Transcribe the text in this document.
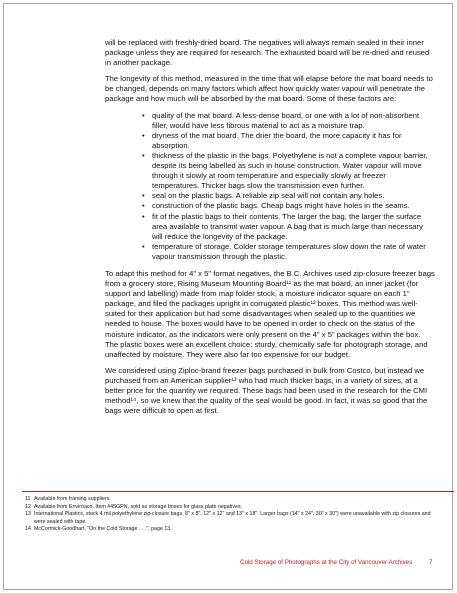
will be replaced with freshly-dried board. The negatives will always remain sealed in their inner package unless they are required for research. The exhausted board will be re-dried and reused in another package.

The longevity of this method, measured in the time that will elapse before the mat board needs to be changed, depends on many factors which affect how quickly water vapour will penetrate the package and how much will be absorbed by the mat board. Some of these factors are:

• quality of the mat board. A less-dense board, or one with a lot of non-absorbent filler, would have less fibrous material to act as a moisture trap.
• dryness of the mat board. The drier the board, the more capacity it has for absorption.
• thickness of the plastic in the bags. Polyethylene is not a complete vapour barrier, despite its being labelled as such in house construction. Water vapour will move through it slowly at room temperature and especially slowly at freezer temperatures. Thicker bags slow the transmission even further.
• seal on the plastic bags. A reliable zip seal will not contain any holes.
• construction of the plastic bags. Cheap bags might have holes in the seams.
• fit of the plastic bags to their contents. The larger the bag, the larger the surface area available to transmit water vapour. A bag that is much large than necessary will reduce the longevity of the package.
• temperature of storage. Colder storage temperatures slow down the rate of water vapour transmission through the plastic.

To adapt this method for 4" x 5" format negatives, the B.C. Archives used zip-closure freezer bags from a grocery store, Rising Museum Mounting Board¹¹ as the mat board, an inner jacket (for support and labelling) made from map folder stock, a moisture indicator square on each 1" package, and filed the packages upright in corrugated plastic¹² boxes. This method was well-suited for their application but had some disadvantages when sealed up to the quantities we needed to house. The boxes would have to be opened in order to check on the status of the moisture indicator, as the indicators were only present on the 4" x 5" packages within the box. The plastic boxes were an excellent choice: sturdy, chemically safe for photograph storage, and unaffected by moisture. They were also far too expensive for our budget.

We considered using Ziploc-brand freezer bags purchased in bulk from Costco, but instead we purchased from an American supplier¹³ who had much thicker bags, in a variety of sizes, at a better price for the quantity we required. These bags had been used in the research for the CMI method¹⁴, so we knew that the quality of the seal would be good. In fact, it was so good that the bags were difficult to open at first.

11 Available from framing suppliers.
12 Available from Enviroaco. Item #45GPN, sold as storage boxes for glass plate negatives.
13 International Plastics, stock 4 mil polyethylene zip-closure bags, 8" x 8", 12" x 12" and 13" x 18". Larger bags (14" x 24", 30" x 30") were unavailable with zip closures and were sealed with tape.
14 McCormick-Goodhart, "On the Cold Storage . . .", page 13.
Cold Storage of Photographs at the City of Vancouver Archives	7
